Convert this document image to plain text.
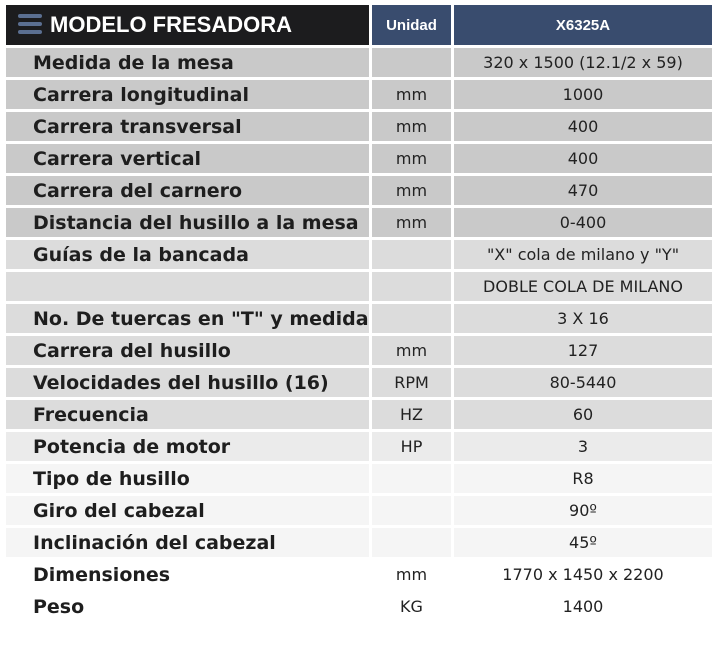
MODELO FRESADORA	Unidad	X6325A
Medida de la mesa		320 x 1500 (12.1/2 x 59)
Carrera longitudinal	mm	1000
Carrera transversal	mm	400
Carrera vertical	mm	400
Carrera del carnero	mm	470
Distancia del husillo a la mesa	mm	0-400
Guías de la bancada		"X" cola de milano y "Y"
		DOBLE COLA DE MILANO
No. De tuercas en "T" y medida		3 X 16
Carrera del husillo	mm	127
Velocidades del husillo (16)	RPM	80-5440
Frecuencia	HZ	60
Potencia de motor	HP	3
Tipo de husillo		R8
Giro del cabezal		90º
Inclinación del cabezal		45º
Dimensiones	mm	1770 x 1450 x 2200
Peso	KG	1400
